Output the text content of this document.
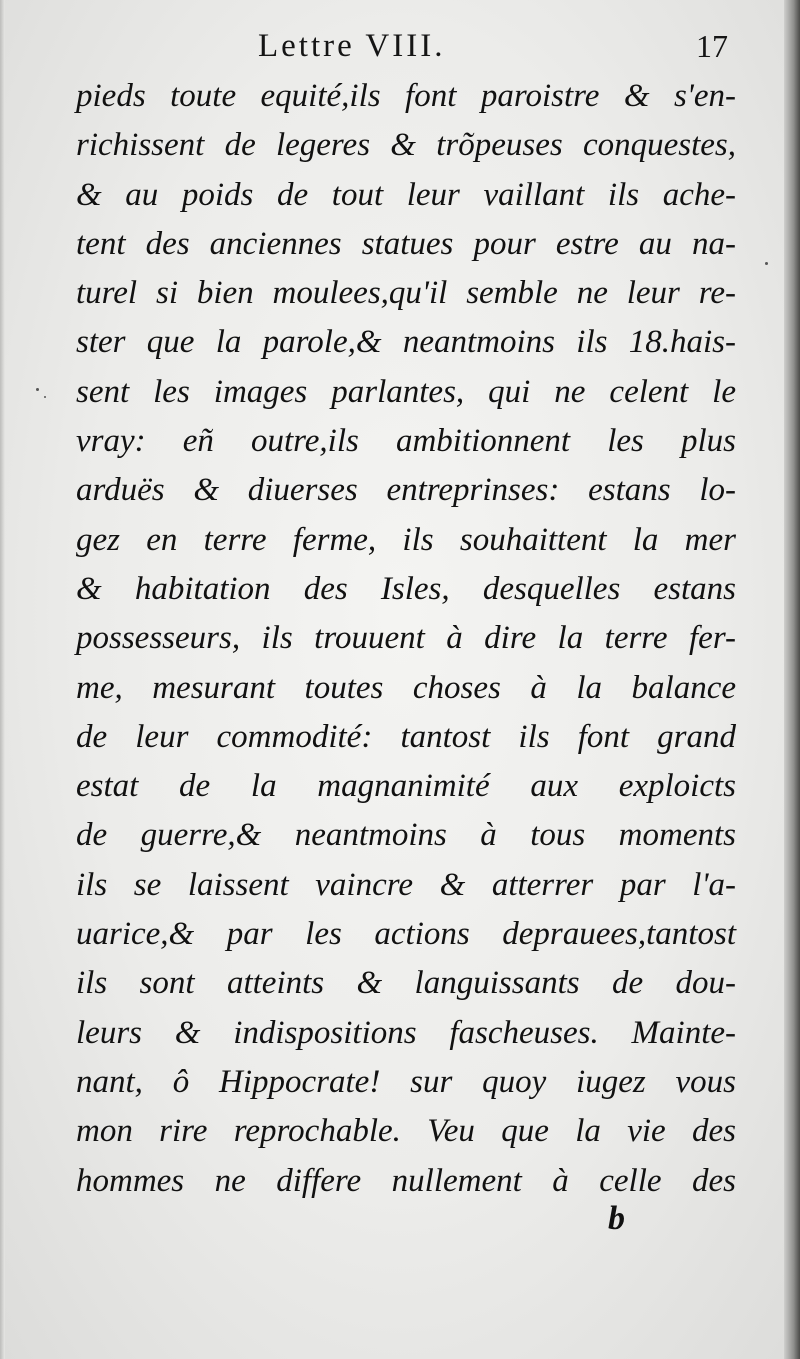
Lettre VIII.	17
pieds toute equité,ils font paroistre & s'en-
richissent de legeres & trõpeuses conquestes,
& au poids de tout leur vaillant ils ache-
tent des anciennes statues pour estre au na-
turel si bien moulees,qu'il semble ne leur re-
ster que la parole,& neantmoins ils 18.hais-
sent les images parlantes, qui ne celent le
vray: eñ outre,ils ambitionnent les plus
arduës & diuerses entreprinses: estans lo-
gez en terre ferme, ils souhaittent la mer
& habitation des Isles, desquelles estans
possesseurs, ils trouuent à dire la terre fer-
me, mesurant toutes choses à la balance
de leur commodité: tantost ils font grand
estat de la magnanimité aux exploicts
de guerre,& neantmoins à tous moments
ils se laissent vaincre & atterrer par l'a-
uarice,& par les actions deprauees,tantost
ils sont atteints & languissants de dou-
leurs & indispositions fascheuses. Mainte-
nant, ô Hippocrate! sur quoy iugez vous
mon rire reprochable. Veu que la vie des
hommes ne differe nullement à celle des
b
